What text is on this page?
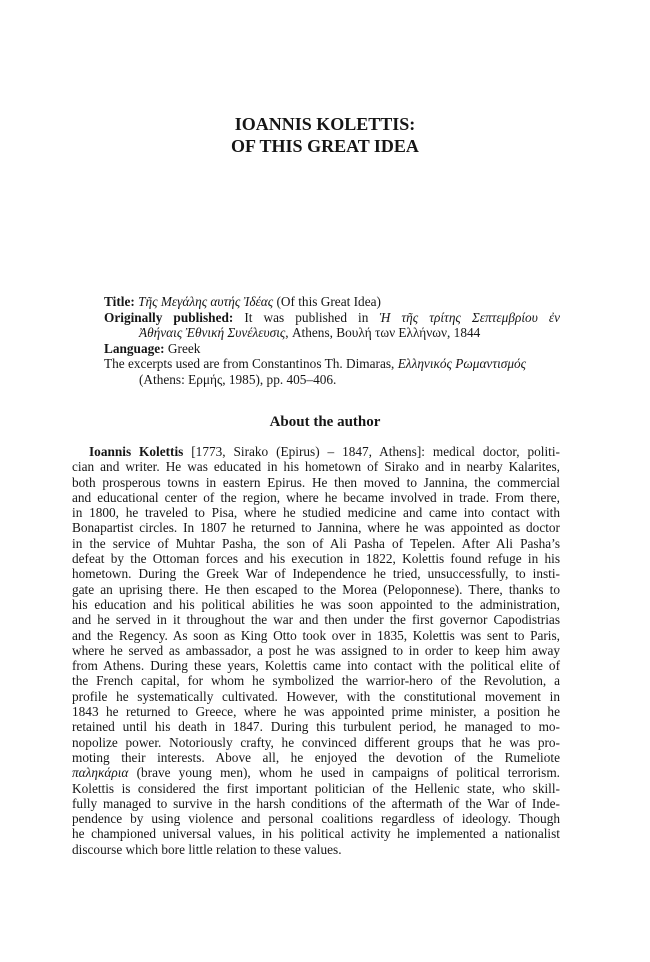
IOANNIS KOLETTIS:
OF THIS GREAT IDEA

Title: Τῆς Μεγάλης αυτής Ἰδέας (Of this Great Idea)

Originally published: It was published in Ἡ τῆς τρίτης Σεπτεμβρίου ἐν

Ἀθήναις Ἐθνική Συνέλευσις, Athens, Βουλή των Ελλήνων, 1844

Language: Greek

The excerpts used are from Constantinos Th. Dimaras, Ελληνικός Ρωμαντισμός

(Athens: Ερμής, 1985), pp. 405–406.

About the author
Ioannis Kolettis [1773, Sirako (Epirus) – 1847, Athens]: medical doctor, politi-
cian and writer. He was educated in his hometown of Sirako and in nearby Kalarites,
both prosperous towns in eastern Epirus. He then moved to Jannina, the commercial
and educational center of the region, where he became involved in trade. From there,
in 1800, he traveled to Pisa, where he studied medicine and came into contact with
Bonapartist circles. In 1807 he returned to Jannina, where he was appointed as doctor
in the service of Muhtar Pasha, the son of Ali Pasha of Tepelen. After Ali Pasha’s
defeat by the Ottoman forces and his execution in 1822, Kolettis found refuge in his
hometown. During the Greek War of Independence he tried, unsuccessfully, to insti-
gate an uprising there. He then escaped to the Morea (Peloponnese). There, thanks to
his education and his political abilities he was soon appointed to the administration,
and he served in it throughout the war and then under the first governor Capodistrias
and the Regency. As soon as King Otto took over in 1835, Kolettis was sent to Paris,
where he served as ambassador, a post he was assigned to in order to keep him away
from Athens. During these years, Kolettis came into contact with the political elite of
the French capital, for whom he symbolized the warrior-hero of the Revolution, a
profile he systematically cultivated. However, with the constitutional movement in
1843 he returned to Greece, where he was appointed prime minister, a position he
retained until his death in 1847. During this turbulent period, he managed to mo-
nopolize power. Notoriously crafty, he convinced different groups that he was pro-
moting their interests. Above all, he enjoyed the devotion of the Rumeliote
παληκάρια (brave young men), whom he used in campaigns of political terrorism.
Kolettis is considered the first important politician of the Hellenic state, who skill-
fully managed to survive in the harsh conditions of the aftermath of the War of Inde-
pendence by using violence and personal coalitions regardless of ideology. Though
he championed universal values, in his political activity he implemented a nationalist
discourse which bore little relation to these values.
